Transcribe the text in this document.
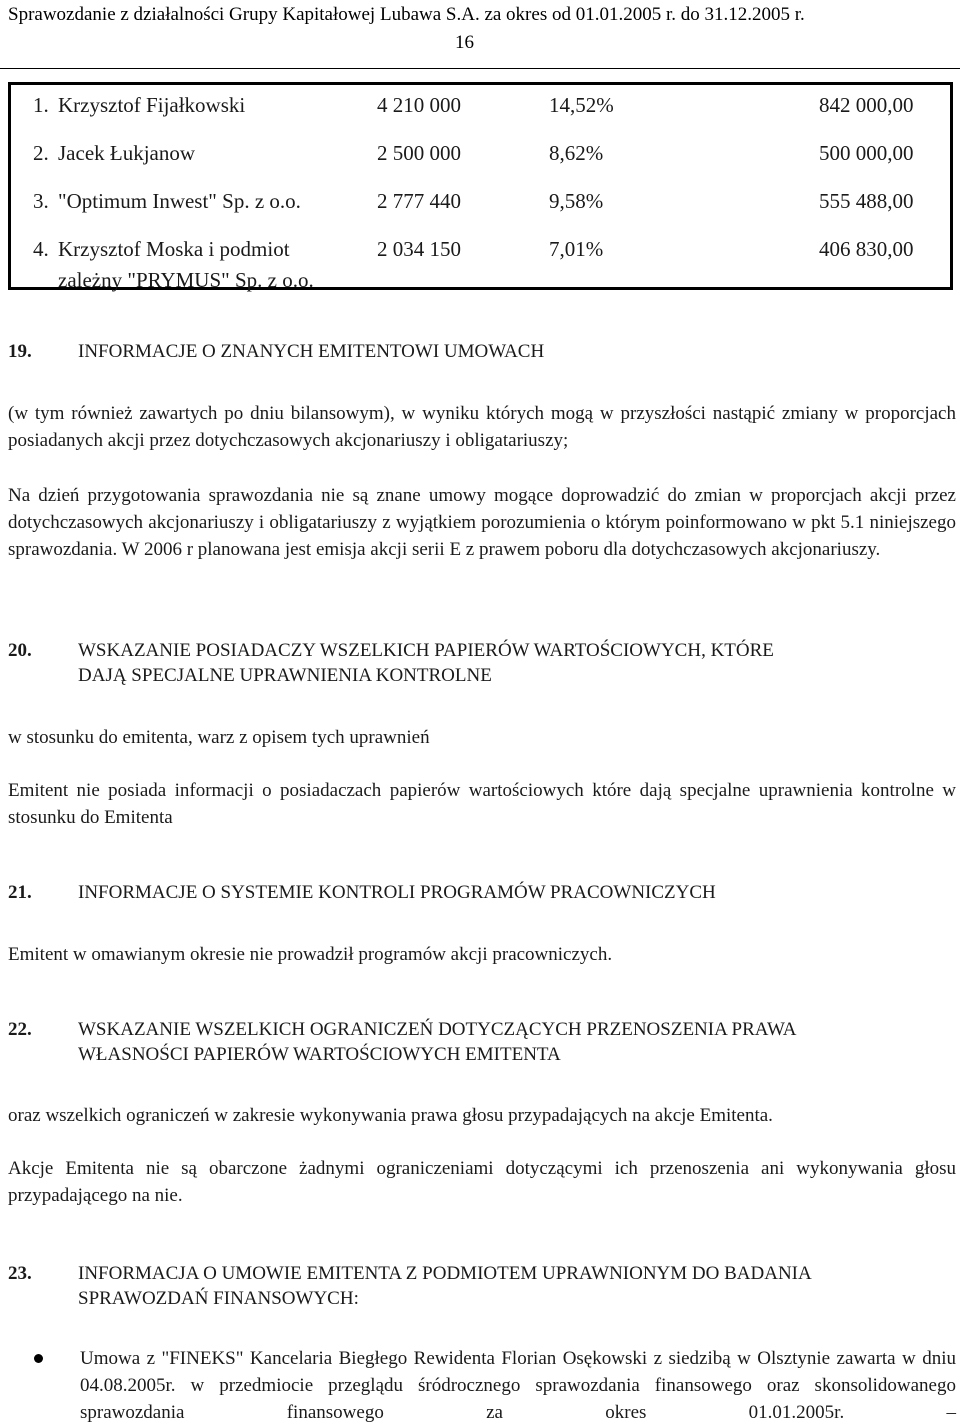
Sprawozdanie z działalności Grupy Kapitałowej Lubawa S.A. za okres od 01.01.2005 r. do 31.12.2005 r.
16
1. Krzysztof Fijałkowski	4 210 000	14,52%	842 000,00
2. Jacek Łukjanow	2 500 000	8,62%	500 000,00
3. "Optimum Inwest" Sp. z o.o.	2 777 440	9,58%	555 488,00
4. Krzysztof Moska i podmiot	2 034 150	7,01%	406 830,00
zależny "PRYMUS" Sp. z o.o.
19. INFORMACJE O ZNANYCH EMITENTOWI UMOWACH

(w tym również zawartych po dniu bilansowym), w wyniku których mogą w przyszłości nastąpić zmiany w proporcjach posiadanych akcji przez dotychczasowych akcjonariuszy i obligatariuszy;

Na dzień przygotowania sprawozdania nie są znane umowy mogące doprowadzić do zmian w proporcjach akcji przez dotychczasowych akcjonariuszy i obligatariuszy z wyjątkiem porozumienia o którym poinformowano w pkt 5.1 niniejszego sprawozdania. W 2006 r planowana jest emisja akcji serii E z prawem poboru dla dotychczasowych akcjonariuszy.

20. WSKAZANIE POSIADACZY WSZELKICH PAPIERÓW WARTOŚCIOWYCH, KTÓRE
DAJĄ SPECJALNE UPRAWNIENIA KONTROLNE

w stosunku do emitenta, warz z opisem tych uprawnień

Emitent nie posiada informacji o posiadaczach papierów wartościowych które dają specjalne uprawnienia kontrolne w stosunku do Emitenta

21. INFORMACJE O SYSTEMIE KONTROLI PROGRAMÓW PRACOWNICZYCH

Emitent w omawianym okresie nie prowadził programów akcji pracowniczych.

22. WSKAZANIE WSZELKICH OGRANICZEŃ DOTYCZĄCYCH PRZENOSZENIA PRAWA
WŁASNOŚCI PAPIERÓW WARTOŚCIOWYCH EMITENTA

oraz wszelkich ograniczeń w zakresie wykonywania prawa głosu przypadających na akcje Emitenta.

Akcje Emitenta nie są obarczone żadnymi ograniczeniami dotyczącymi ich przenoszenia ani wykonywania głosu przypadającego na nie.

23. INFORMACJA O UMOWIE EMITENTA Z PODMIOTEM UPRAWNIONYM DO BADANIA
SPRAWOZDAŃ FINANSOWYCH:

Umowa z "FINEKS" Kancelaria Biegłego Rewidenta Florian Osękowski z siedzibą w Olsztynie zawarta w dniu 04.08.2005r. w przedmiocie przeglądu śródrocznego sprawozdania finansowego oraz skonsolidowanego sprawozdania finansowego za okres 01.01.2005r. –
